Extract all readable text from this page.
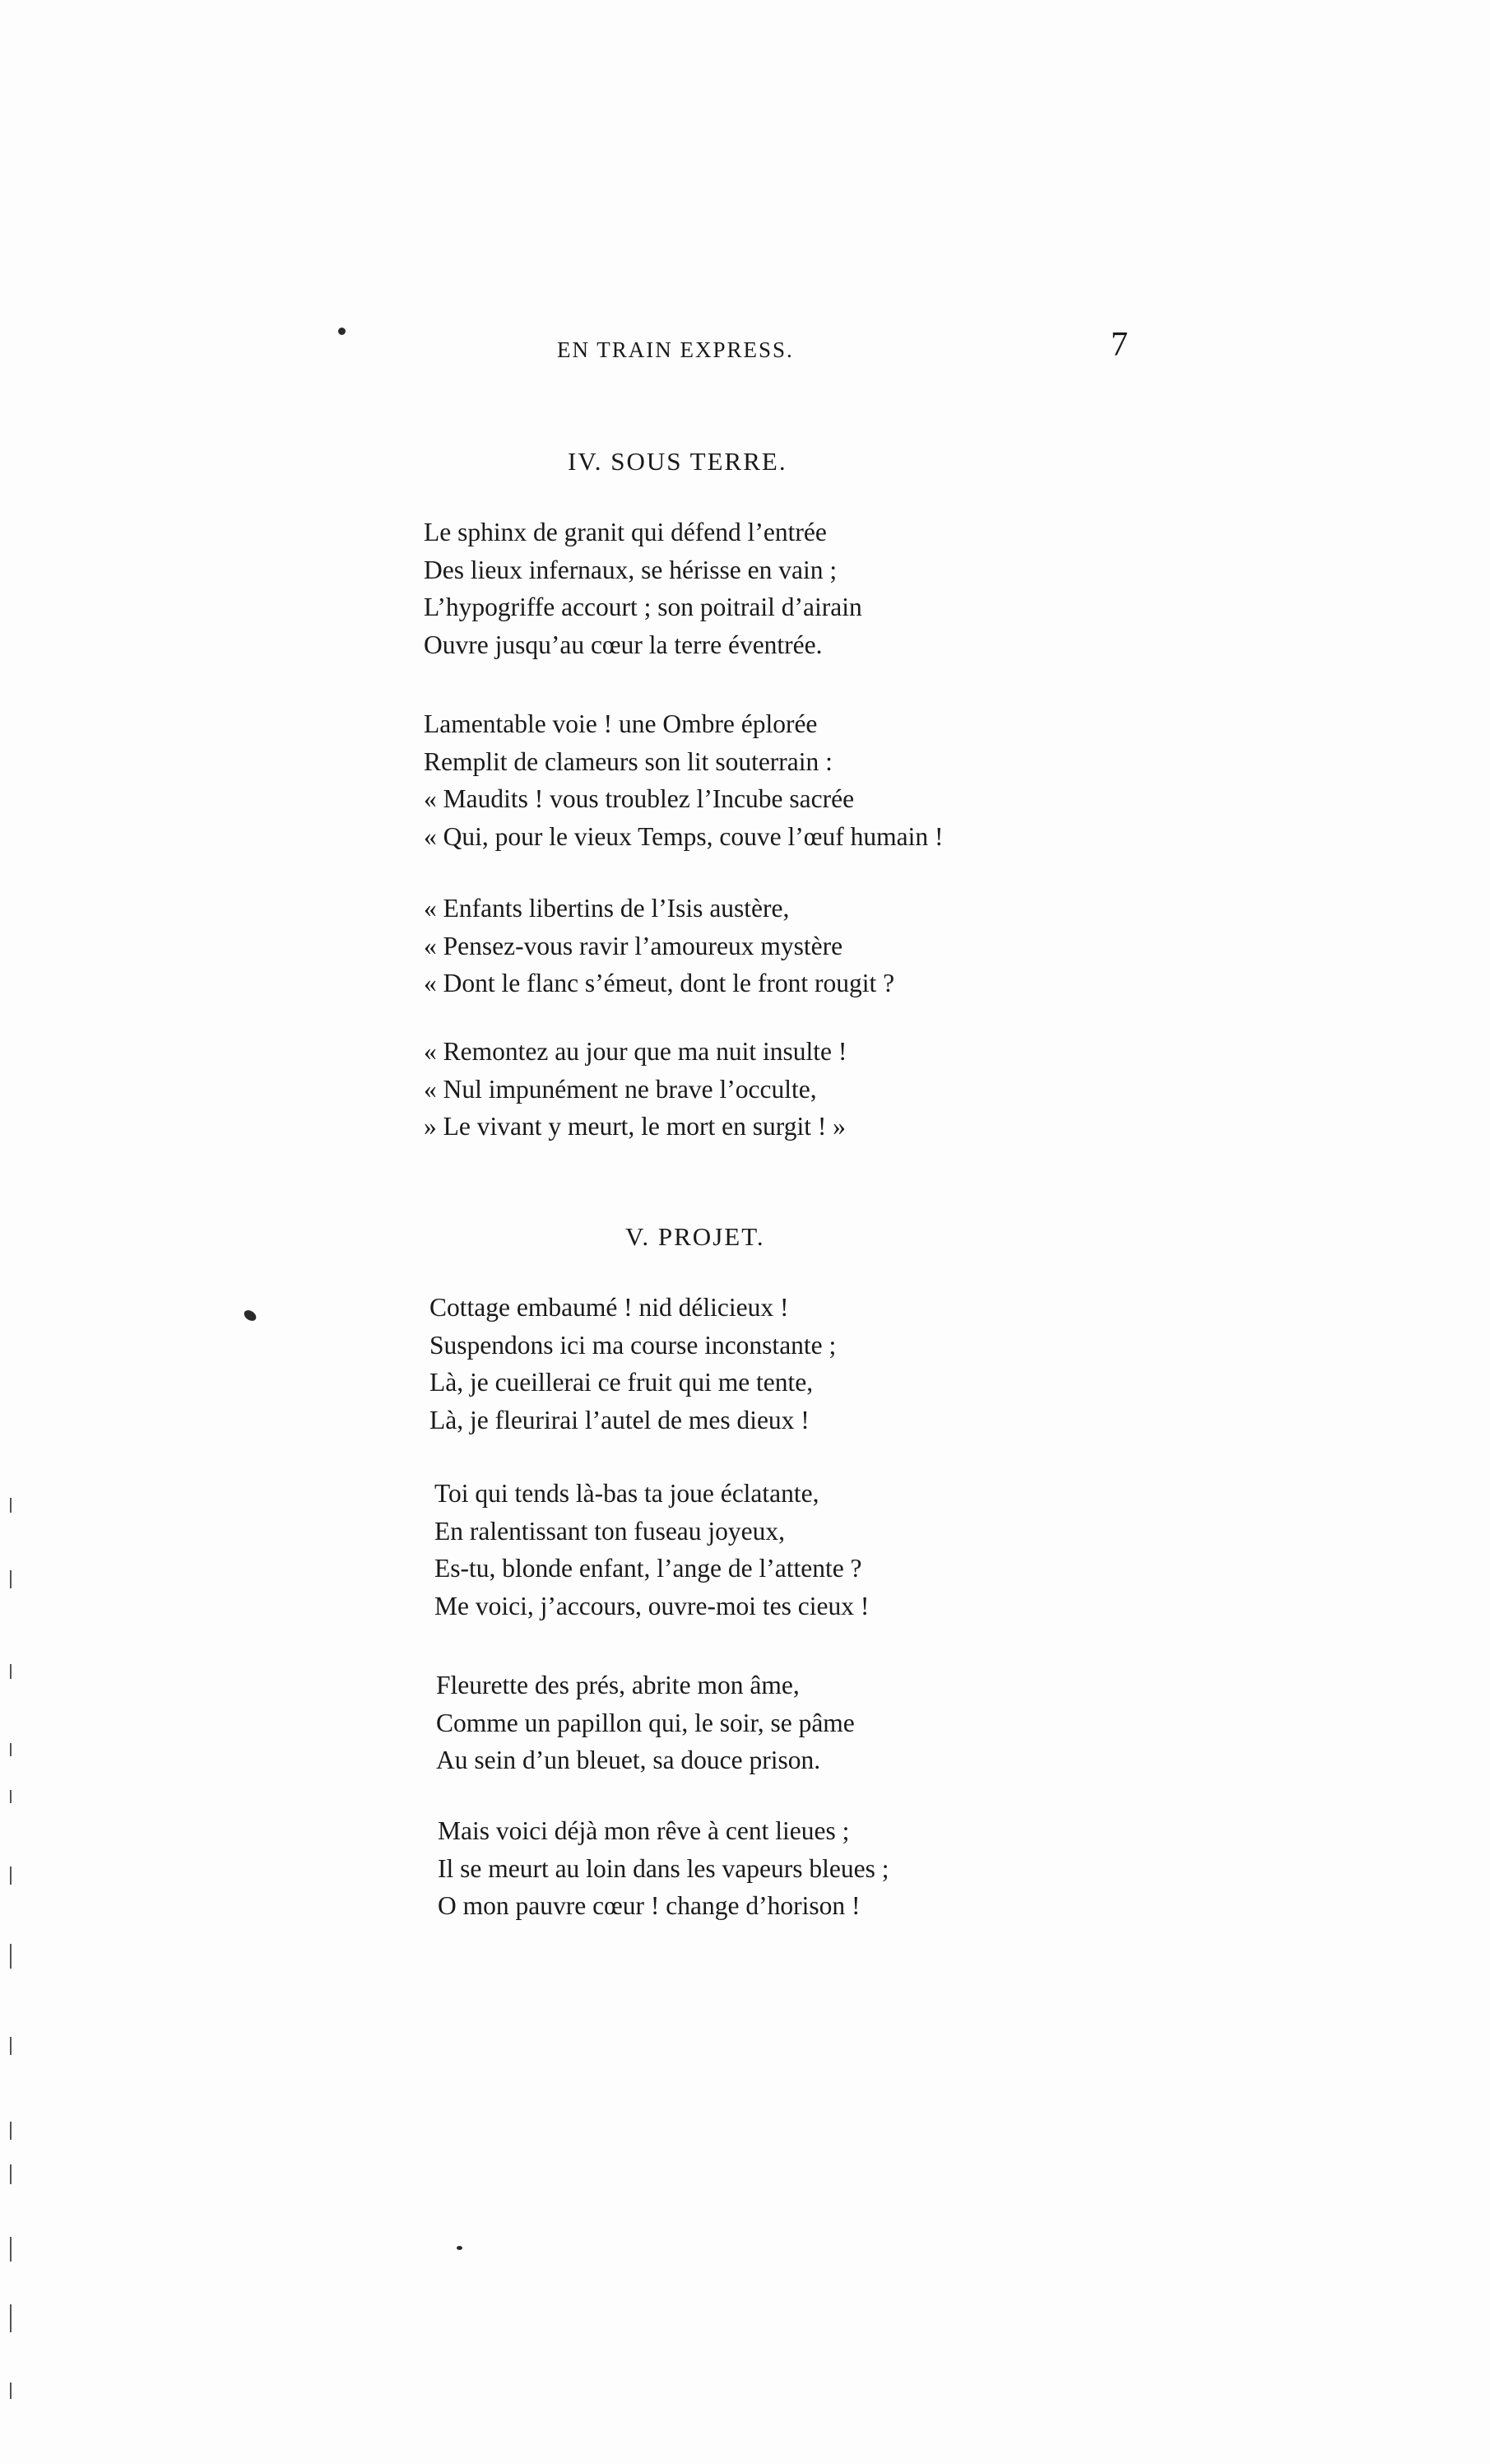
EN TRAIN EXPRESS.	7
IV. SOUS TERRE.
Le sphinx de granit qui défend l’entrée
Des lieux infernaux, se hérisse en vain ;
L’hypogriffe accourt ; son poitrail d’airain
Ouvre jusqu’au cœur la terre éventrée.
Lamentable voie ! une Ombre éplorée
Remplit de clameurs son lit souterrain :
« Maudits ! vous troublez l’Incube sacrée
« Qui, pour le vieux Temps, couve l’œuf humain !
« Enfants libertins de l’Isis austère,
« Pensez-vous ravir l’amoureux mystère
« Dont le flanc s’émeut, dont le front rougit ?
« Remontez au jour que ma nuit insulte !
« Nul impunément ne brave l’occulte,
» Le vivant y meurt, le mort en surgit ! »
V. PROJET.
Cottage embaumé ! nid délicieux !
Suspendons ici ma course inconstante ;
Là, je cueillerai ce fruit qui me tente,
Là, je fleurirai l’autel de mes dieux !
Toi qui tends là-bas ta joue éclatante,
En ralentissant ton fuseau joyeux,
Es-tu, blonde enfant, l’ange de l’attente ?
Me voici, j’accours, ouvre-moi tes cieux !
Fleurette des prés, abrite mon âme,
Comme un papillon qui, le soir, se pâme
Au sein d’un bleuet, sa douce prison.
Mais voici déjà mon rêve à cent lieues ;
Il se meurt au loin dans les vapeurs bleues ;
O mon pauvre cœur ! change d’horison !
